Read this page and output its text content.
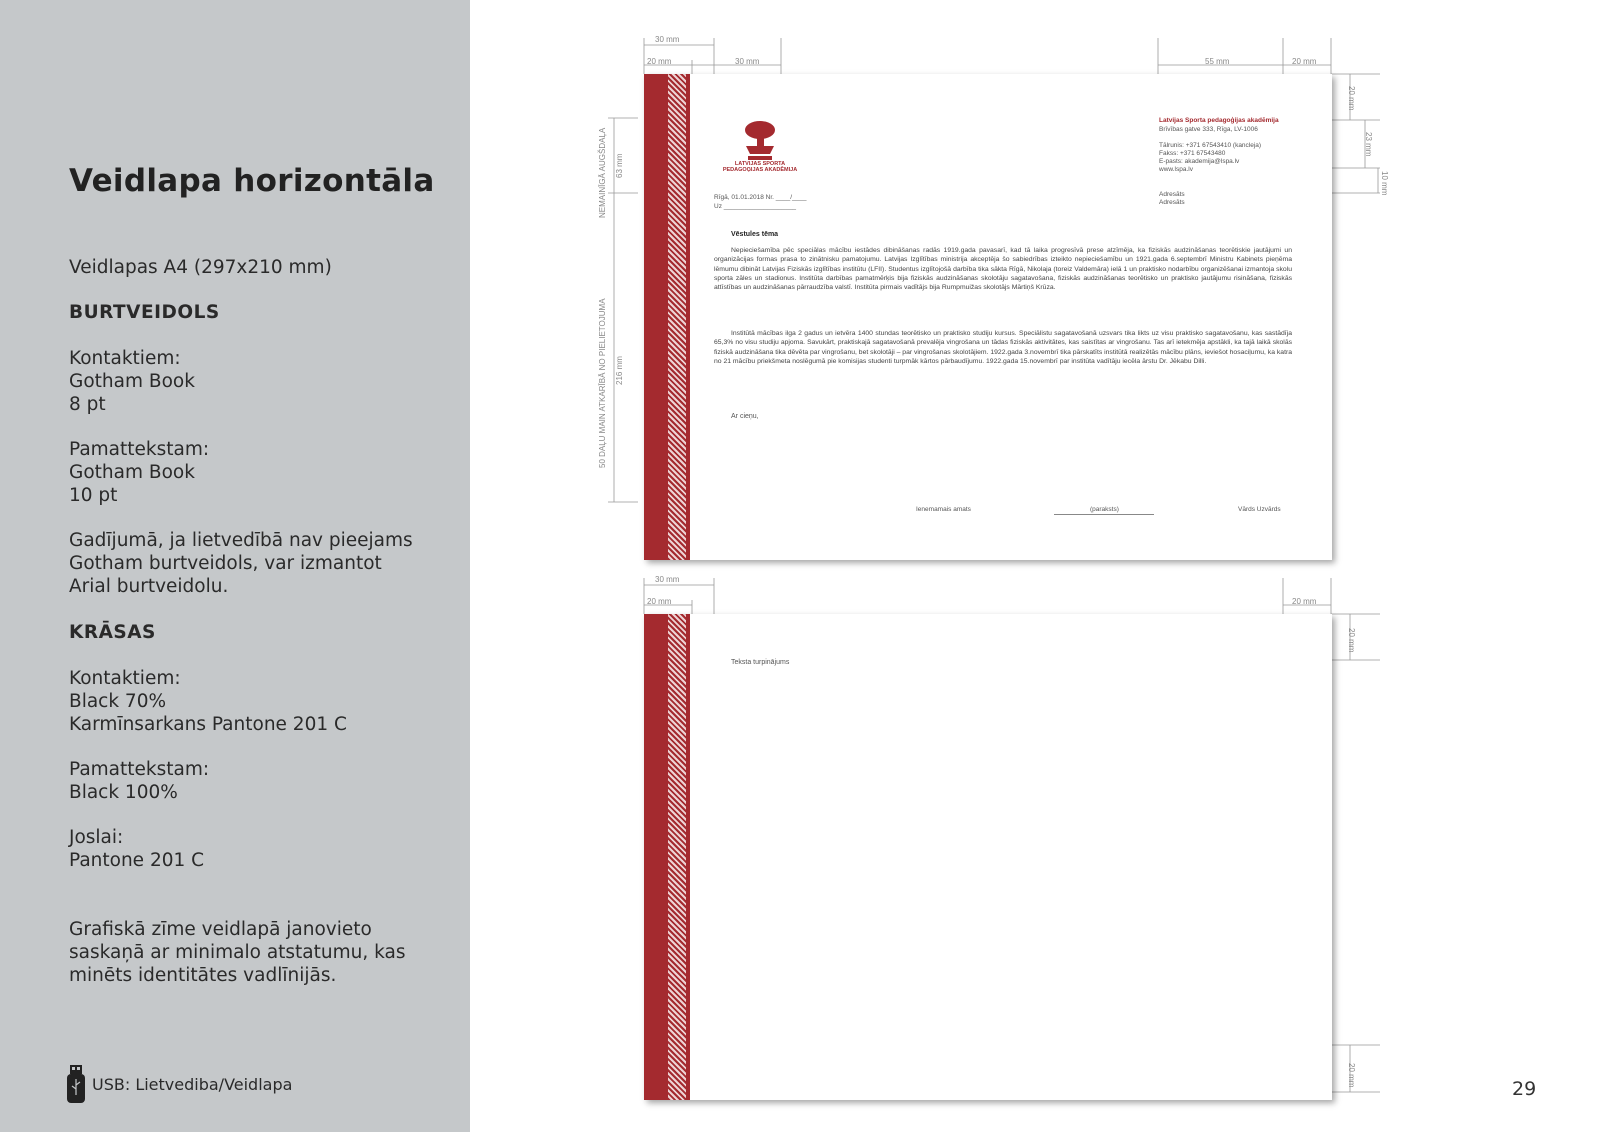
Veidlapa horizontāla
Veidlapas A4 (297x210 mm)
BURTVEIDOLS
Kontaktiem:
Gotham Book
8 pt
Pamattekstam:
Gotham Book
10 pt
Gadījumā, ja lietvedībā nav pieejams
Gotham burtveidols, var izmantot
Arial burtveidolu.
KRĀSAS
Kontaktiem:
Black 70%
Karmīnsarkans Pantone 201 C
Pamattekstam:
Black 100%
Joslai:
Pantone 201 C
Grafiskā zīme veidlapā janovieto
saskaņā ar minimalo atstatumu, kas
minēts identitātes vadlīnijās.
USB: Lietvediba/Veidlapa
30 mm
20 mm	30 mm	55 mm	20 mm
20 mm
23 mm
10 mm
NEMAINĪGĀ AUGŠDAĻA 63 mm
50 DAĻU MAIN ATKARĪBĀ NO PIELIETOJUMA 216 mm
LATVIJAS SPORTA
PEDAGOĢIJAS AKADĒMIJA
Latvijas Sporta pedagoģijas akadēmija
Brīvības gatve 333, Rīga, LV-1006
Tālrunis: +371 67543410 (kancleja)
Fakss: +371 67543480
E-pasts: akademija@lspa.lv
www.lspa.lv
Rīgā, 01.01.2018 Nr. ____/____
Uz ____________________
Adresāts
Adresāts
Vēstules tēma
Nepieciešamība pēc speciālas mācību iestādes dibināšanas radās 1919.gada pavasarī, kad tā laika progresīvā prese atzīmēja, ka fiziskās audzināšanas teorētiskie jautājumi un organizācijas formas prasa to zinātnisku pamatojumu. Latvijas Izglītības ministrija akceptēja šo sabiedrības izteikto nepieciešamību un 1921.gada 6.septembrī Ministru Kabinets pieņēma lēmumu dibināt Latvijas Fiziskās izglītības institūtu (LFII). Studentus izglītojošā darbība tika sākta Rīgā, Nikolaja (toreiz Valdemāra) ielā 1 un praktisko nodarbību organizēšanai izmantoja skolu sporta zāles un stadionus. Institūta darbības pamatmērķis bija fiziskās audzināšanas skolotāju sagatavošana, fiziskās audzināšanas teorētisko un praktisko jautājumu risināšana, fiziskās attīstības un audzināšanas pārraudzība valstī. Institūta pirmais vadītājs bija Rumpmuižas skolotājs Mārtiņš Krūza.
Institūtā mācības ilga 2 gadus un ietvēra 1400 stundas teorētisko un praktisko studiju kursus. Speciālistu sagatavošanā uzsvars tika likts uz visu praktisko sagatavošanu, kas sastādīja 65,3% no visu studiju apjoma. Savukārt, praktiskajā sagatavošanā prevalēja vingrošana un tādas fiziskās aktivitātes, kas saistītas ar vingrošanu. Tas arī ietekmēja apstākli, ka tajā laikā skolās fiziskā audzināšana tika dēvēta par vingrošanu, bet skolotāji – par vingrošanas skolotājiem. 1922.gada 3.novembrī tika pārskatīts institūtā realizētās mācību plāns, ieviešot hosaciļumu, ka katra no 21 mācību priekšmeta noslēgumā pie komisijas studenti turpmāk kārtos pārbaudījumu. 1922.gada 15.novembrī par institūta vadītāju iecēla ārstu Dr. Jēkabu Dilli.
Ar cieņu,
Ienemamais amats	(paraksts)	Vārds Uzvārds
30 mm
20 mm	20 mm
20 mm
20 mm
Teksta turpinājums
29
